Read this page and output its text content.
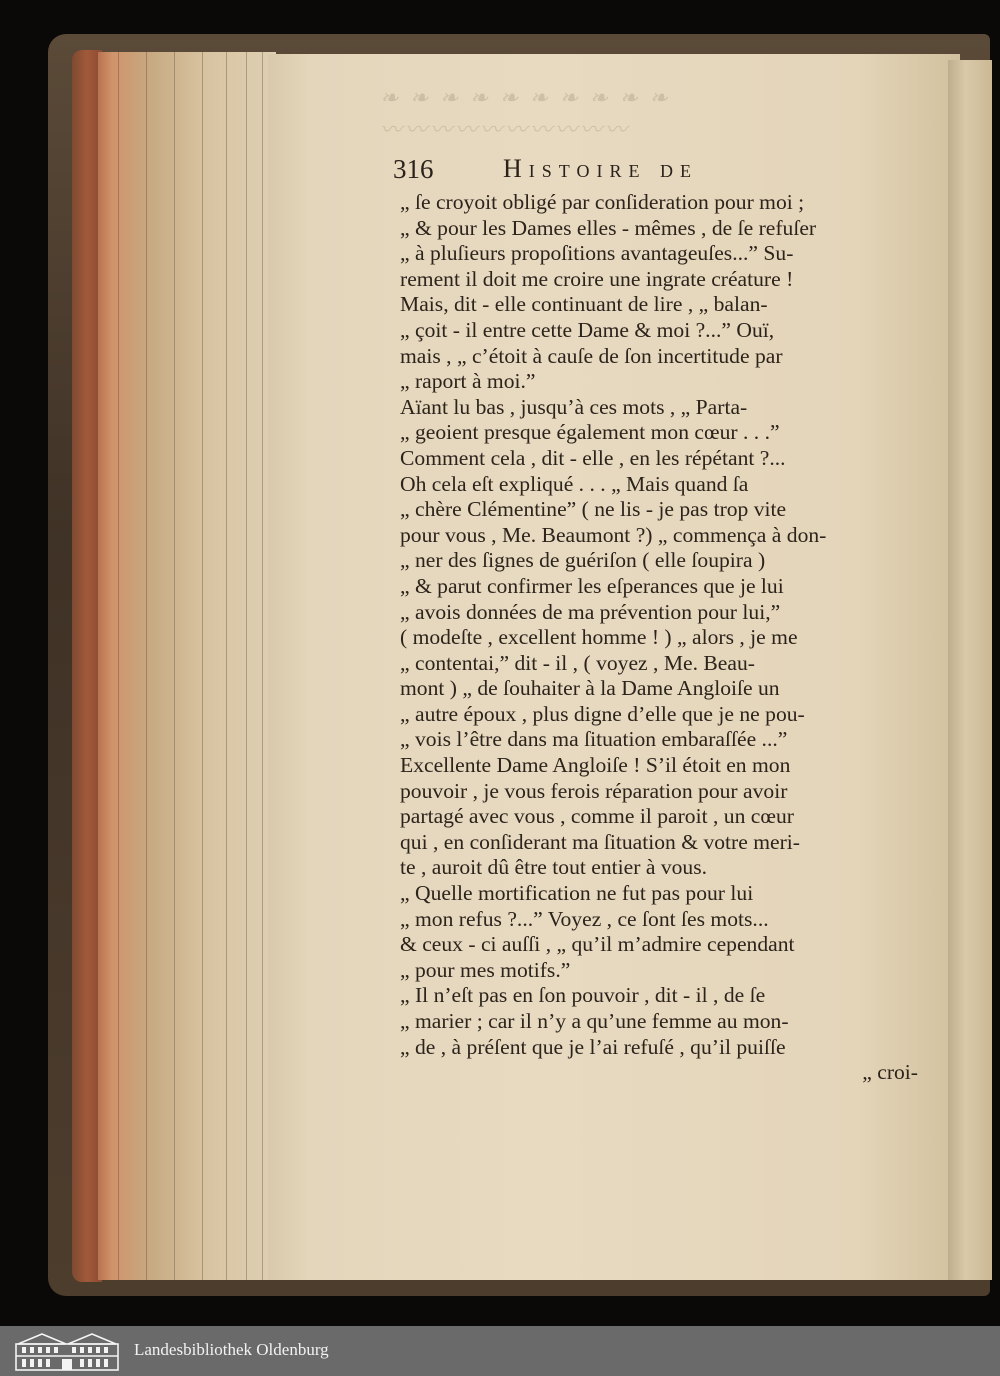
❧ ❧ ❧ ❧ ❧ ❧ ❧ ❧ ❧ ❧
〰〰〰〰〰〰〰〰〰〰
316	Histoire de
„ ſe croyoit obligé par conſideration pour moi ;
„ & pour les Dames elles - mêmes , de ſe refuſer
„ à pluſieurs propoſitions avantageuſes...” Su-
rement il doit me croire une ingrate créature !
Mais, dit - elle continuant de lire , „ balan-
„ çoit - il entre cette Dame & moi ?...” Ouï,
mais , „ c’étoit à cauſe de ſon incertitude par
„ raport à moi.”
Aïant lu bas , jusqu’à ces mots , „ Parta-
„ geoient presque également mon cœur . . .”
Comment cela , dit - elle , en les répétant ?...
Oh cela eſt expliqué . . . „ Mais quand ſa
„ chère Clémentine” ( ne lis - je pas trop vite
pour vous , Me. Beaumont ?) „ commença à don-
„ ner des ſignes de guériſon ( elle ſoupira )
„ & parut confirmer les eſperances que je lui
„ avois données de ma prévention pour lui,”
( modeſte , excellent homme ! ) „ alors , je me
„ contentai,” dit - il , ( voyez , Me. Beau-
mont ) „ de ſouhaiter à la Dame Angloiſe un
„ autre époux , plus digne d’elle que je ne pou-
„ vois l’être dans ma ſituation embaraſſée ...”
Excellente Dame Angloiſe ! S’il étoit en mon
pouvoir , je vous ferois réparation pour avoir
partagé avec vous , comme il paroit , un cœur
qui , en conſiderant ma ſituation & votre meri-
te , auroit dû être tout entier à vous.
„ Quelle mortification ne fut pas pour lui
„ mon refus ?...” Voyez , ce ſont ſes mots...
& ceux - ci auſſi , „ qu’il m’admire cependant
„ pour mes motifs.”
„ Il n’eſt pas en ſon pouvoir , dit - il , de ſe
„ marier ; car il n’y a qu’une femme au mon-
„ de , à préſent que je l’ai refuſé , qu’il puiſſe
„ croi-
Landesbibliothek Oldenburg
